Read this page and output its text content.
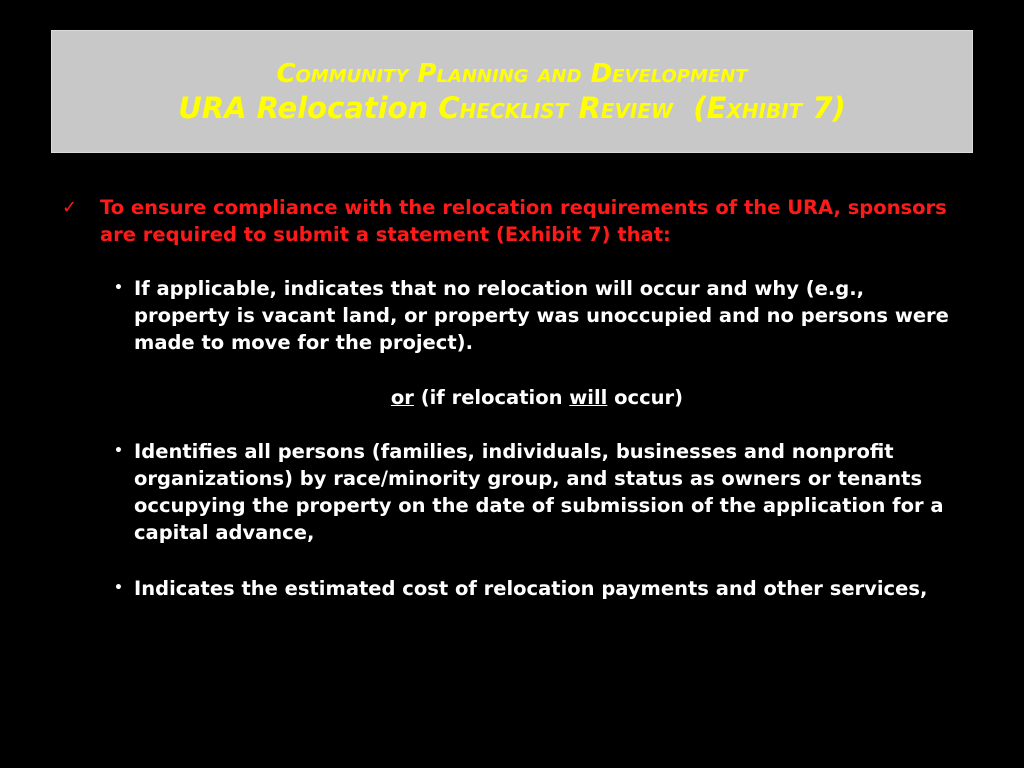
Community Planning and Development
URA Relocation Checklist Review  (Exhibit 7)
✓	To ensure compliance with the relocation requirements of the URA, sponsors are required to submit a statement (Exhibit 7) that:
• If applicable, indicates that no relocation will occur and why (e.g., property is vacant land, or property was unoccupied and no persons were made to move for the project).
or (if relocation will occur)
• Identifies all persons (families, individuals, businesses and nonprofit organizations) by race/minority group, and status as owners or tenants occupying the property on the date of submission of the application for a capital advance,
• Indicates the estimated cost of relocation payments and other services,
